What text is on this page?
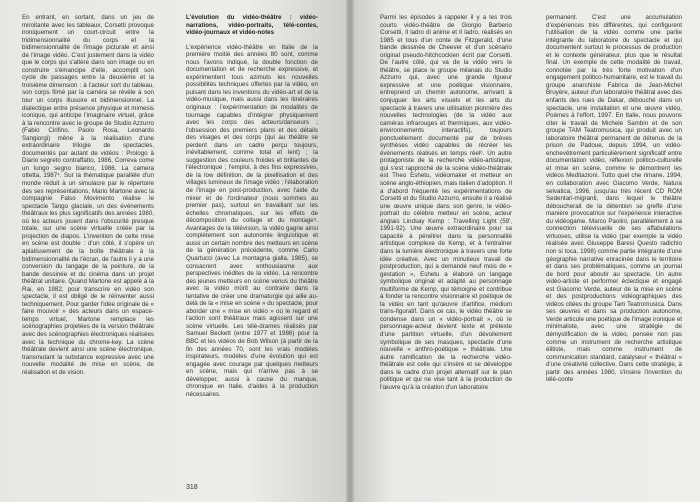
En entrant, en sortant, dans un jeu de miroitante avec les tableaux, Corsetti provoque ironiquement un court-circuit entre la tridimensionnalité du corps et la bidimensionnalité de l'image picturale et ainsi de l'image vidéo. C'est justement dans la vidéo que le corps qui s'altère dans son image ou en construire s'émancipe d'elle, accomplit son cycle de passages entre la deuxième et la troisième dimension : à l'acteur sort du tableau, son corps filmé par la caméra se révèle à son tour un corps illusoire et bidimensionnel. La dialectique entre présence physique et mimesis iconique, qui anticipe l'imaginaire virtuel, grâce à la rencontre avec le groupe de Studio Azzurro (Fabio Cirifino, Paolo Rosa, Leonardo Sangiorgi) mène à la réalisation d'une extraordinaire trilogie de spectacles, documentés par autant de vidéos : Prologo à Diario segreto contraffatto, 1986, Correva come un lungo segno bianco, 1986. La camera ottetta, 1987⁴. Sur la thématique parallèle d'un monde réduit à un simulacre par le répertoire des ses représentations, Mario Martone avec la compagnie Falso Movimento réalise le spectacle Tango glaciale, un des événements théâtraux les plus significatifs des années 1980, où les acteurs jouent dans l'obscurité presque totale, sur une scène virtuelle créée par la projection de diapos. L'invention de cette mise en scène est double : d'un côté, il s'opère un aplatissement de la boîte théâtrale à la bidimensionnalité de l'écran, de l'autre il y a une conversion du langage de la peinture, de la bande dessinée et du cinéma dans un projet théâtral unitaire. Quand Martone est appelé à la Rai, en 1982, pour transcrire en vidéo son spectacle, il est obligé de le réinventer aussi techniquement. Pour garder l'idée originale de « faire mouvoir » des acteurs dans un espace-temps virtuel, Martone remplace les scénographies projetées de la version théâtrale avec des scénographies électroniques réalisées avec la technique du chrome-key. La scène théâtrale devient ainsi une scène électronique, transmutant la substance expressive avec une nouvelle modalité de mise en scène, de réalisation et de vision.

L'évolution du vidéo-théâtre : vidéo-narrations, vidéo-portraits, télé-contes, vidéo-journaux et vidéo-notes

L'expérience vidéo-théâtre en Italie de la première moitié des années 80 sont, comme nous l'avons indiqué, la double fonction de documentation et de recherche expressive, et expérimentent tous azimuts les nouvelles possibilités techniques offertes par la vidéo, en puisant dans les inventions du vidéo-art et de la vidéo-musique, mais aussi dans les itinéraires originaux : l'expérimentation de modalités de tournage capables d'intégrer physiquement avec les corps des acteurs/danseurs ; l'obsession des premiers plans et des détails des visages et des corps (qui au théâtre se perdent dans un cadre perçu toujours, inévitablement, comme total et lent) ; la suggestion des couleurs froides et brillantes de l'électronique ; l'emploi, à des fins expressives, de la low définition, de la pixellisation et des villages lumineux de l'image vidéo ; l'élaboration de l'image en post-production, avec l'aide du mixer et de l'ordinateur (nous sommes au premier pas), surtout en travaillant sur les échelles chromatiques, sur les effets de décomposition du collage et du montage⁵. Avantages de la télévision, la vidéo gagne ainsi complètement son autonomie linguistique et aussi un certain nombre des metteurs en scène de la génération précédente, comme Carlo Quartucci (avec La montagna gialla, 1985), se consacrent avec enthousiasme aux perspectives inédites de la vidéo. La rencontre des jeunes metteurs en scène venus du théâtre avec la vidéo mûrit au contraire dans la tentative de créer une dramaturgie qui aille au-delà de la « mise en scène » du spectacle, pour aborder une « mise en vidéo » où le regard et l'action sont théâtraux mais agissent sur une scène virtuelle. Les télé-drames réalisés par Samuel Beckett (entre 1977 et 1986) pour la BBC et les vidéos de Bob Wilson (à partir de la fin des années 70, sont les vrais modèles inspirateurs, modèles d'une évolution qui est engagée avec courage par quelques metteurs en scène, mais qui n'arrive pas à se développer, aussi à cause du manque, chronique en Italie, d'aides à la production nécessaires.

318

Parmi les épisodes à rappeler il y a les trois courts vidéo-théâtre de Giorgio Barberio Corsetti, Il ladro di anime et Il ladro, réalisés en 1985 et tous d'un conte de Fitzgerald, d'une bande dessinée de Cheever et d'un scénario original pseudo-hitchcockien écrit par Corsetti. De l'autre côté, qui va de la vidéo vers le théâtre, se place le groupe milanais du Studio Azzurro qui, avec une grande rigueur expressive et une poétique visionnaire, entreprend un chemin autonome, arrivant à conjuguer les arts visuels et les arts du spectacle à travers une utilisation pionnière des nouvelles technologies (de la vidéo aux caméras infrarouges et thermiques, aux vidéo-environnements interactifs), toujours ponctuellement documenté par de brèves synthèses vidéo capables de récréer les événements réalisés en temps réel⁶. Un autre protagoniste de la recherche vidéo-artistique, qui s'est rapproché de la scène vidéo-théâtrale est Theo Eshetu, vidéomaker et metteur en scène anglo-éthiopien, mais italien d'adoption. Il a d'abord fréquenté les expérimentations de Corsetti et du Studio Azzurro, ensuite il a réalisé une œuvre unique dans son genre, le vidéo-portrait du célèbre metteur en scène, acteur anglais Lindsay Kemp : Travelling Light (59', 1991-92). Une œuvre extraordinaire pour sa capacité à pénétrer dans la personnalité artistique complexe de Kemp, et à l'entraîner dans la lumière électronique à travers une forte idée créative. Avec un minutieux travail de postproduction, qui a demandé neuf mois de « gestation », Eshetu a élaboré un langage symbolique original et adapté au personnage multiforme de Kemp, qui témoigne et contribue à fonder la rencontre visionnaire et poétique de la vidéo en tant qu'œuvre d'artifice, médium trans-figuratif. Dans ce cas, le vidéo théâtre se condense dans un « vidéo-portrait », où le personnage-acteur devient texte et prétexte d'une partition virtuelle, d'un dévoilement symbolique de ses masques, spectacle d'une nouvelle « anthro-poétique » théâtrale. Une autre ramification de la recherche vidéo-théâtrale est celle qui s'insère et se développe dans le cadre d'un projet alternatif sur le plan politique et qui ne vise tant à la production de l'œuvre qu'à la création d'un laboratoire

permanent. C'est une accumulation d'expériences très différentes, qui configurent l'utilisation de la vidéo comme une partie intégrante du laboratoire du spectacle et qui documentent surtout le processus de production et le contexte générateur, plus que le résultat final. Un exemple de cette modalité de travail, connotée par la très forte motivation d'un engagement politico-humanitaire, est le travail du groupe anarchiste Fabrica de Jean-Michel Bruyère, auteur d'un laboratoire théâtral avec des enfants des rues de Dakar, débouché dans un spectacle, une installation et une œuvre vidéo, Poèmes à l'effort, 1997. En Italie, nous pouvons citer le travail de Michele Sambin et de son groupe TAM Teatromusica, qui produit avec un laboratoire théâtral permanent de détenus de la prison de Padoue, depuis 1994, un vidéo-enchevêtrement particulièrement significatif entre documentation vidéo, réflexion politico-culturelle et mise en scène, comme le démontrent les vidéos Meditazioni. Tutto quel che rimane, 1994, en collaboration avec Giacomo Verde, Natura selvatica, 1996, jusqu'au très récent CD ROM Sedentari-migranti, dans lequel le théâtre déboucherait de la détention se greffe d'une manière provocatrice sur l'expérience interactive du vidéogame. Marco Paolini, parallèlement à sa connection télévisuelle de ses affabulations virtuoses, utilise la vidéo (par exemple la vidéo réalisée avec Giuseppe Baresi Questo radichio non si toca, 1998) comme partie intégrante d'une géographie narrative enracinée dans le territoire et dans ses problématiques, comme un journal de bord pour aboutir au spectacle. Un autre vidéo-artiste et performer éclectique et engagé est Giacomo Verde, auteur de la mise en scène et des postproductions vidéographiques des vidéos citées du groupe Tam Teatromusica. Dans ses œuvres et dans sa production autonome, Verde articule une poétique de l'image ironique et minimaliste, avec une stratégie de démystification de la vidéo, pensée non pas comme un instrument de recherche artistique élitiste, mais comme instrument de communication standard, catalyseur « théâtral » d'une créativité collective. Dans cette stratégie, à partir des années 1980, s'insère l'invention du télé-conte
